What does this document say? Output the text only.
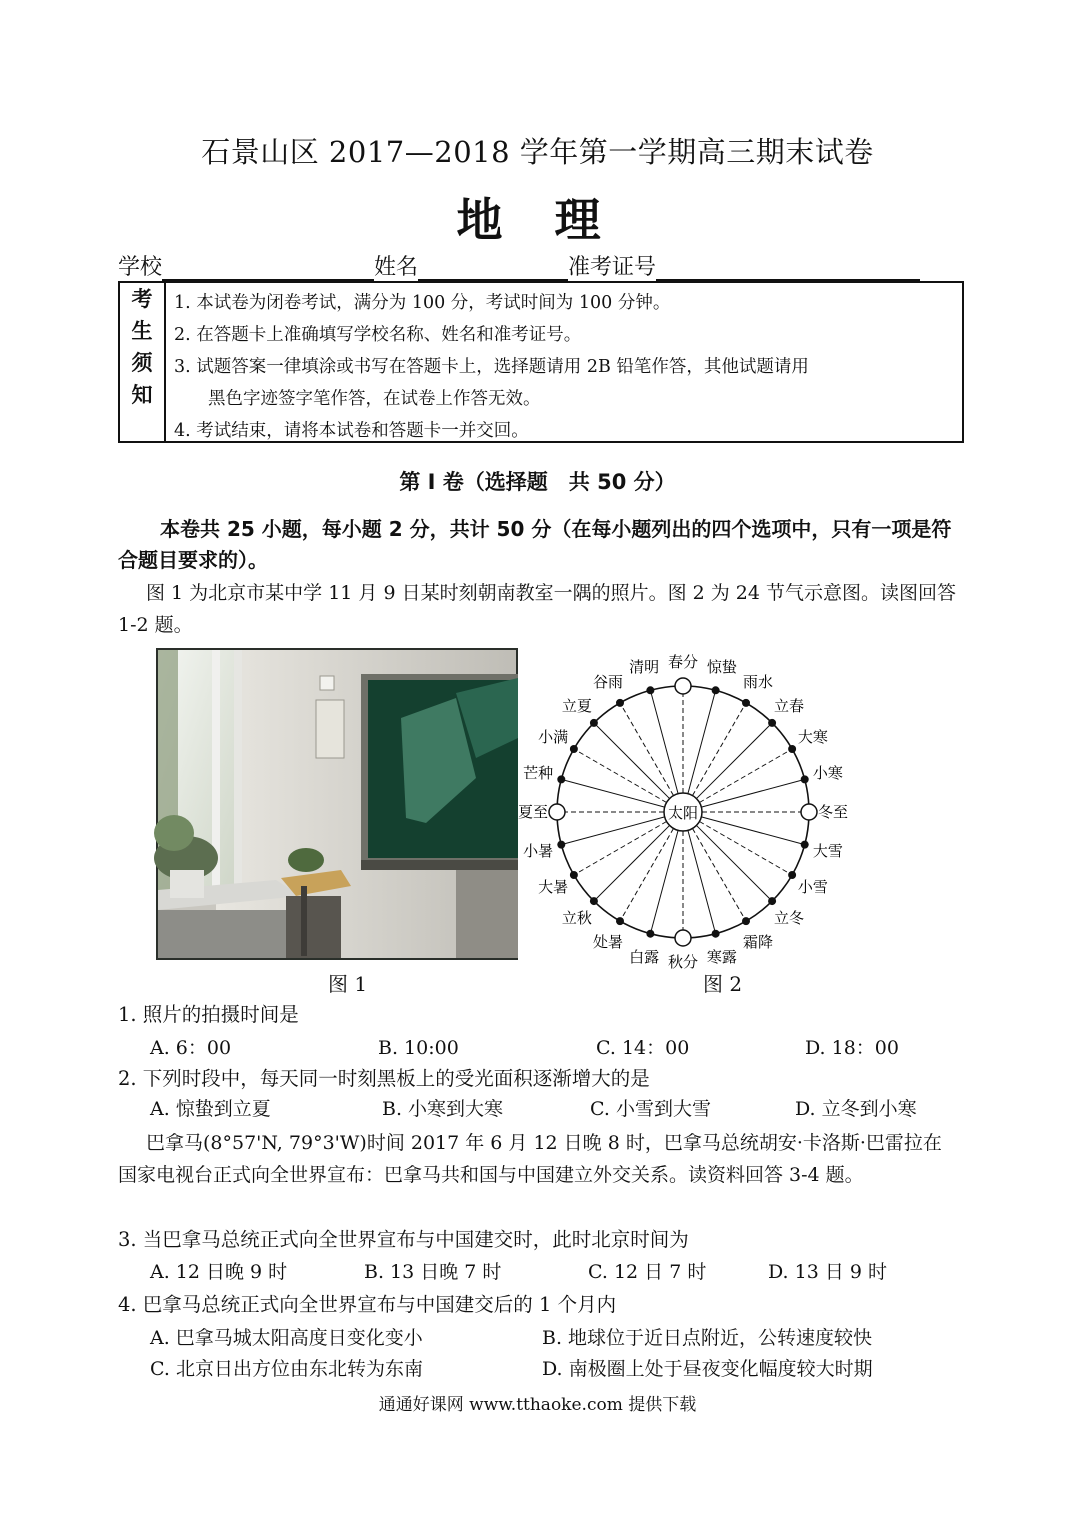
石景山区 2017—2018 学年第一学期高三期末试卷
地 理
学校	姓名	准考证号
考
生
须
知
1. 本试卷为闭卷考试，满分为 100 分，考试时间为 100 分钟。
2. 在答题卡上准确填写学校名称、姓名和准考证号。
3. 试题答案一律填涂或书写在答题卡上，选择题请用 2B 铅笔作答，其他试题请用
黑色字迹签字笔作答，在试卷上作答无效。
4. 考试结束，请将本试卷和答题卡一并交回。
第 Ⅰ 卷（选择题　共 50 分）
本卷共 25 小题，每小题 2 分，共计 50 分（在每小题列出的四个选项中，只有一项是符合题目要求的）。
图 1 为北京市某中学 11 月 9 日某时刻朝南教室一隅的照片。图 2 为 24 节气示意图。读图回答 1-2 题。
图 1
春分 惊蛰
雨水
立春
大寒
小寒
冬至
大雪
小雪
立冬
霜降
寒露
秋分
白露
处暑
立秋
大暑
小暑
夏至
芒种
小满
立夏
谷雨
清明
太阳
图 2
1. 照片的拍摄时间是
A. 6：00	B. 10:00	C. 14：00	D. 18：00
2. 下列时段中，每天同一时刻黑板上的受光面积逐渐增大的是
A. 惊蛰到立夏	B. 小寒到大寒	C. 小雪到大雪	D. 立冬到小寒
巴拿马(8°57'N, 79°3'W)时间 2017 年 6 月 12 日晚 8 时，巴拿马总统胡安·卡洛斯·巴雷拉在国家电视台正式向全世界宣布：巴拿马共和国与中国建立外交关系。读资料回答 3-4 题。
3. 当巴拿马总统正式向全世界宣布与中国建交时，此时北京时间为
A. 12 日晚 9 时	B. 13 日晚 7 时	C. 12 日 7 时	D. 13 日 9 时
4. 巴拿马总统正式向全世界宣布与中国建交后的 1 个月内
A. 巴拿马城太阳高度日变化变小	B. 地球位于近日点附近，公转速度较快
C. 北京日出方位由东北转为东南	D. 南极圈上处于昼夜变化幅度较大时期
通通好课网 www.tthaoke.com 提供下载
